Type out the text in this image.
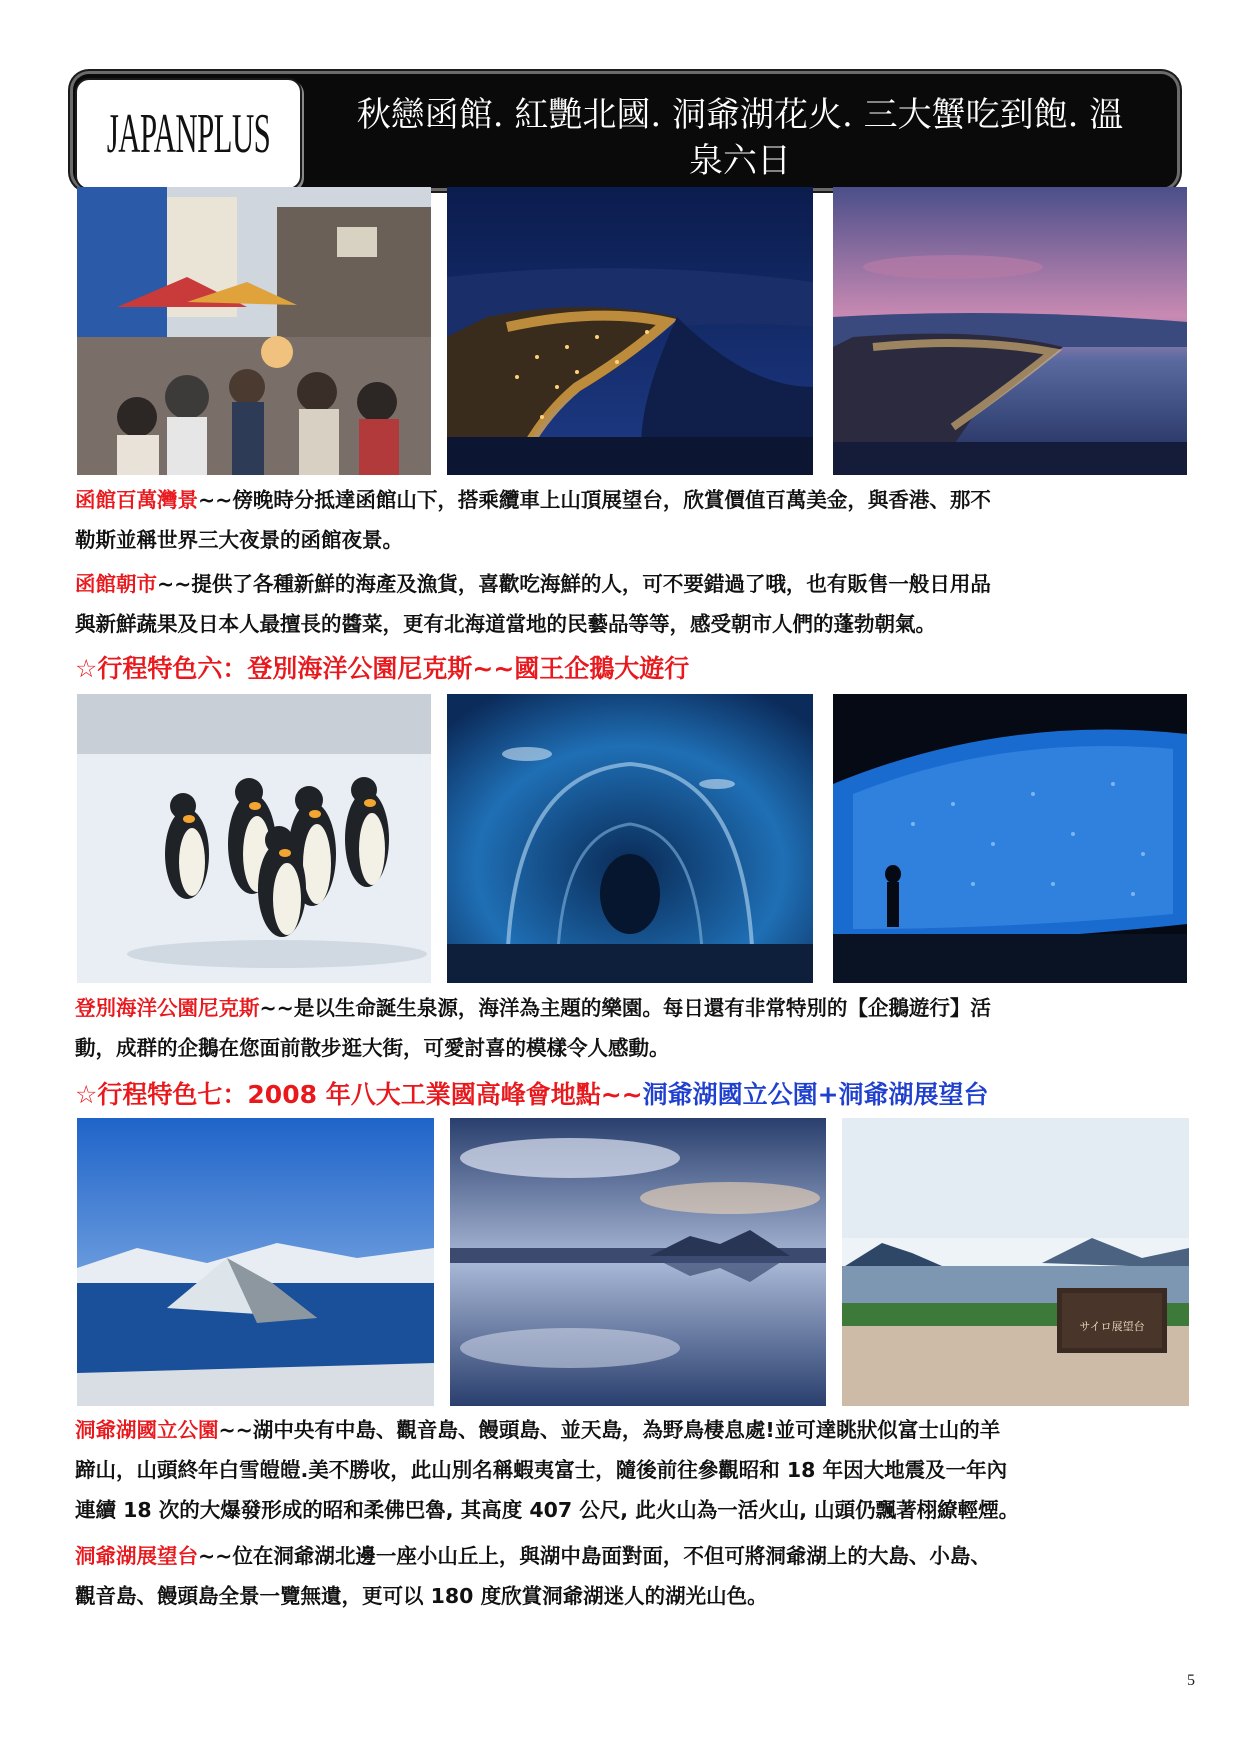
JAPANPLUS	秋戀函館. 紅艷北國. 洞爺湖花火. 三大蟹吃到飽. 溫
泉六日
函館百萬灣景~~傍晚時分抵達函館山下，搭乘纜車上山頂展望台，欣賞價值百萬美金，與香港、那不
勒斯並稱世界三大夜景的函館夜景。
函館朝市~~提供了各種新鮮的海產及漁貨，喜歡吃海鮮的人，可不要錯過了哦，也有販售一般日用品
與新鮮蔬果及日本人最擅長的醬菜，更有北海道當地的民藝品等等，感受朝市人們的蓬勃朝氣。
☆行程特色六：登別海洋公園尼克斯~~國王企鵝大遊行
登別海洋公園尼克斯~~是以生命誕生泉源，海洋為主題的樂園。每日還有非常特別的【企鵝遊行】活
動，成群的企鵝在您面前散步逛大街，可愛討喜的模樣令人感動。
☆行程特色七：2008 年八大工業國高峰會地點~~洞爺湖國立公園+洞爺湖展望台
サイロ展望台
洞爺湖國立公園~~湖中央有中島、觀音島、饅頭島、並天島，為野鳥棲息處!並可達眺狀似富士山的羊
蹄山，山頭終年白雪皚皚.美不勝收，此山別名稱蝦夷富士，隨後前往參觀昭和 18 年因大地震及一年內
連續 18 次的大爆發形成的昭和柔佛巴魯, 其高度 407 公尺, 此火山為一活火山, 山頭仍飄著栩繚輕煙。
洞爺湖展望台~~位在洞爺湖北邊一座小山丘上，與湖中島面對面，不但可將洞爺湖上的大島、小島、
觀音島、饅頭島全景一覽無遺，更可以 180 度欣賞洞爺湖迷人的湖光山色。
5
